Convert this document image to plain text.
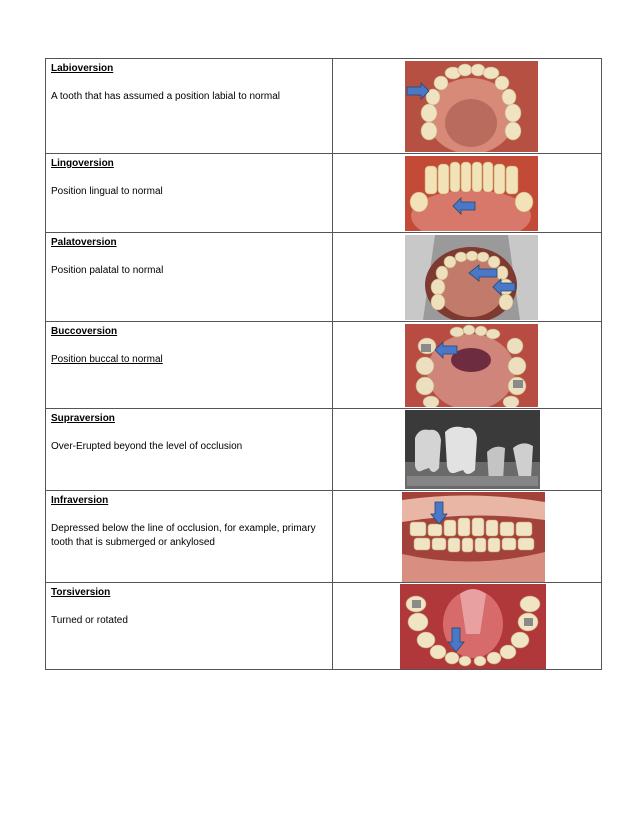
Labioversion
A tooth that has assumed a position labial to normal

Lingoversion
Position lingual to normal

Palatoversion
Position palatal to normal

Buccoversion
Position buccal to normal

Supraversion
Over-Erupted beyond the level of occlusion

Infraversion
Depressed below the line of occlusion, for example, primary tooth that is submerged or ankylosed

Torsiversion
Turned or rotated
